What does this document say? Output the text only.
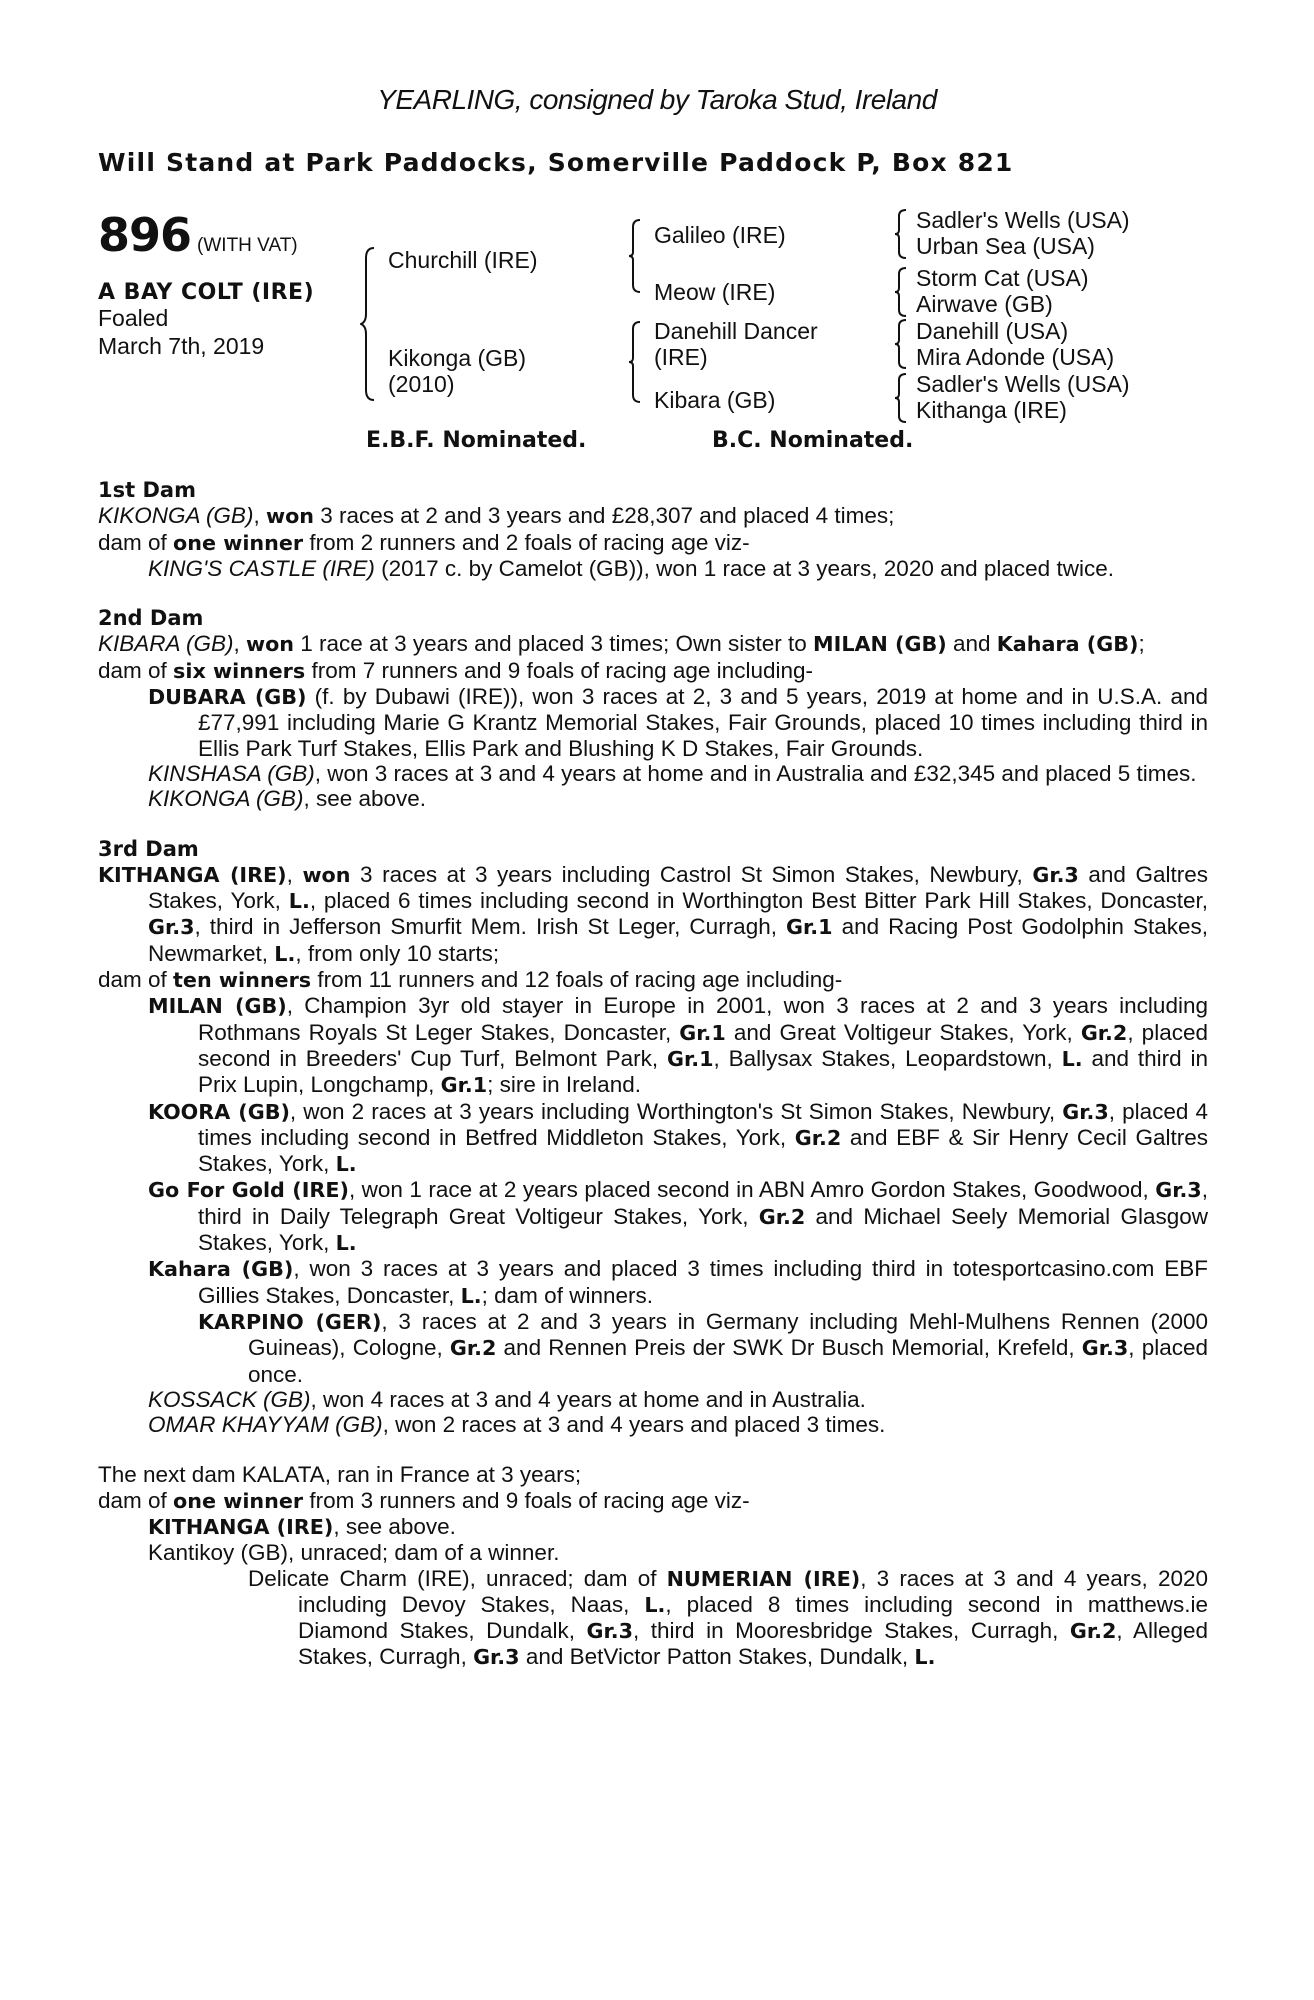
YEARLING, consigned by Taroka Stud, Ireland
Will Stand at Park Paddocks, Somerville Paddock P, Box 821
896 (WITH VAT)
A BAY COLT (IRE)
Foaled
March 7th, 2019
Churchill (IRE)
Kikonga (GB)
(2010)
Galileo (IRE)
Meow (IRE)
Danehill Dancer
(IRE)
Kibara (GB)
Sadler's Wells (USA)
Urban Sea (USA)
Storm Cat (USA)
Airwave (GB)
Danehill (USA)
Mira Adonde (USA)
Sadler's Wells (USA)
Kithanga (IRE)
E.B.F. Nominated.	B.C. Nominated.
1st Dam

KIKONGA (GB), won 3 races at 2 and 3 years and £28,307 and placed 4 times;

dam of one winner from 2 runners and 2 foals of racing age viz-

KING'S CASTLE (IRE) (2017 c. by Camelot (GB)), won 1 race at 3 years, 2020 and placed twice.

2nd Dam

KIBARA (GB), won 1 race at 3 years and placed 3 times; Own sister to MILAN (GB) and Kahara (GB);

dam of six winners from 7 runners and 9 foals of racing age including-

DUBARA (GB) (f. by Dubawi (IRE)), won 3 races at 2, 3 and 5 years, 2019 at home and in U.S.A. and £77,991 including Marie G Krantz Memorial Stakes, Fair Grounds, placed 10 times including third in Ellis Park Turf Stakes, Ellis Park and Blushing K D Stakes, Fair Grounds.

KINSHASA (GB), won 3 races at 3 and 4 years at home and in Australia and £32,345 and placed 5 times.

KIKONGA (GB), see above.

3rd Dam

KITHANGA (IRE), won 3 races at 3 years including Castrol St Simon Stakes, Newbury, Gr.3 and Galtres Stakes, York, L., placed 6 times including second in Worthington Best Bitter Park Hill Stakes, Doncaster, Gr.3, third in Jefferson Smurfit Mem. Irish St Leger, Curragh, Gr.1 and Racing Post Godolphin Stakes, Newmarket, L., from only 10 starts;

dam of ten winners from 11 runners and 12 foals of racing age including-

MILAN (GB), Champion 3yr old stayer in Europe in 2001, won 3 races at 2 and 3 years including Rothmans Royals St Leger Stakes, Doncaster, Gr.1 and Great Voltigeur Stakes, York, Gr.2, placed second in Breeders' Cup Turf, Belmont Park, Gr.1, Ballysax Stakes, Leopardstown, L. and third in Prix Lupin, Longchamp, Gr.1; sire in Ireland.

KOORA (GB), won 2 races at 3 years including Worthington's St Simon Stakes, Newbury, Gr.3, placed 4 times including second in Betfred Middleton Stakes, York, Gr.2 and EBF & Sir Henry Cecil Galtres Stakes, York, L.

Go For Gold (IRE), won 1 race at 2 years placed second in ABN Amro Gordon Stakes, Goodwood, Gr.3, third in Daily Telegraph Great Voltigeur Stakes, York, Gr.2 and Michael Seely Memorial Glasgow Stakes, York, L.

Kahara (GB), won 3 races at 3 years and placed 3 times including third in totesportcasino.com EBF Gillies Stakes, Doncaster, L.; dam of winners.

KARPINO (GER), 3 races at 2 and 3 years in Germany including Mehl-Mulhens Rennen (2000 Guineas), Cologne, Gr.2 and Rennen Preis der SWK Dr Busch Memorial, Krefeld, Gr.3, placed once.

KOSSACK (GB), won 4 races at 3 and 4 years at home and in Australia.

OMAR KHAYYAM (GB), won 2 races at 3 and 4 years and placed 3 times.

The next dam KALATA, ran in France at 3 years;

dam of one winner from 3 runners and 9 foals of racing age viz-

KITHANGA (IRE), see above.

Kantikoy (GB), unraced; dam of a winner.

Delicate Charm (IRE), unraced; dam of NUMERIAN (IRE), 3 races at 3 and 4 years, 2020 including Devoy Stakes, Naas, L., placed 8 times including second in matthews.ie Diamond Stakes, Dundalk, Gr.3, third in Mooresbridge Stakes, Curragh, Gr.2, Alleged Stakes, Curragh, Gr.3 and BetVictor Patton Stakes, Dundalk, L.
